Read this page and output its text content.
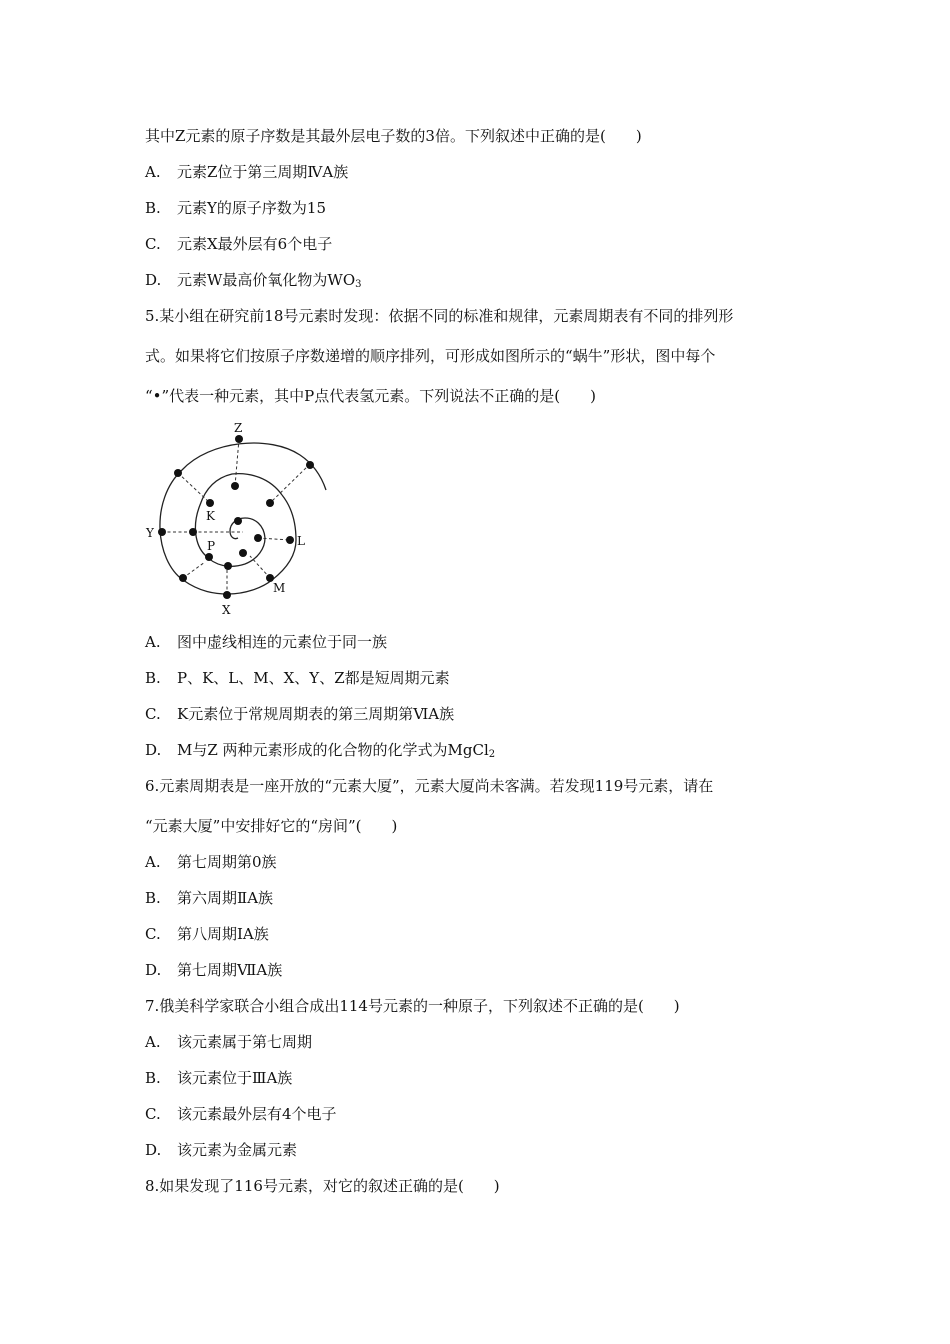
其中Z元素的原子序数是其最外层电子数的3倍。下列叙述中正确的是(　　)
A. 元素Z位于第三周期ⅣA族
B. 元素Y的原子序数为15
C. 元素X最外层有6个电子
D. 元素W最高价氧化物为$WO_3$
5.某小组在研究前18号元素时发现：依据不同的标准和规律，元素周期表有不同的排列形
式。如果将它们按原子序数递增的顺序排列，可形成如图所示的“蜗牛”形状，图中每个
“•”代表一种元素，其中P点代表氢元素。下列说法不正确的是(　　)
Z
K
Y
P	L
M
X
A. 图中虚线相连的元素位于同一族
B. P、K、L、M、X、Y、Z都是短周期元素
C. K元素位于常规周期表的第三周期第ⅥA族
D. M与Z 两种元素形成的化合物的化学式为MgCl$_2$
6.元素周期表是一座开放的“元素大厦”，元素大厦尚未客满。若发现119号元素，请在
“元素大厦”中安排好它的“房间”(　　)
A. 第七周期第0族
B. 第六周期ⅡA族
C. 第八周期ⅠA族
D. 第七周期ⅦA族
7.俄美科学家联合小组合成出114号元素的一种原子，下列叙述不正确的是(　　)
A. 该元素属于第七周期
B. 该元素位于ⅢA族
C. 该元素最外层有4个电子
D. 该元素为金属元素
8.如果发现了116号元素，对它的叙述正确的是(　　)
